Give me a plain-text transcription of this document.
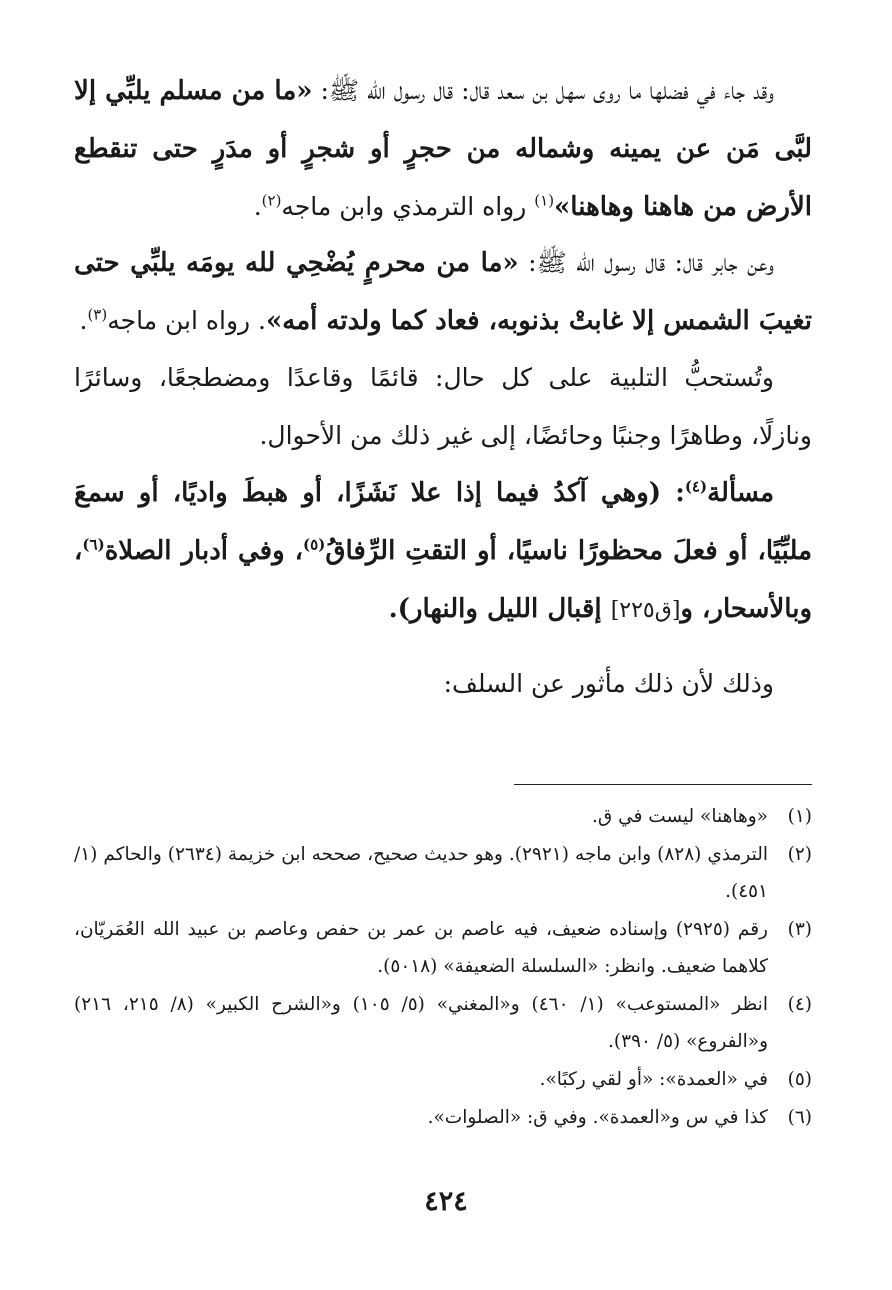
وقد جاء في فضلها ما روى سهل بن سعد قال: قال رسول الله ﷺ: «ما من مسلم يلبِّي إلا لبَّى مَن عن يمينه وشماله من حجرٍ أو شجرٍ أو مدَرٍ حتى تنقطع الأرض من هاهنا وهاهنا»$^{(١)}$ رواه الترمذي وابن ماجه$^{(٢)}$.

وعن جابر قال: قال رسول الله ﷺ: «ما من محرمٍ يُضْحِي لله يومَه يلبِّي حتى تغيبَ الشمس إلا غابتْ بذنوبه، فعاد كما ولدته أمه». رواه ابن ماجه$^{(٣)}$.

وتُستحبُّ التلبية على كل حال: قائمًا وقاعدًا ومضطجعًا، وسائرًا ونازلًا، وطاهرًا وجنبًا وحائضًا، إلى غير ذلك من الأحوال.

مسألة$^{(٤)}$: (وهي آكدُ فيما إذا علا نَشَزًا، أو هبطَ واديًا، أو سمعَ ملبِّيًا، أو فعلَ محظورًا ناسيًا، أو التقتِ الرِّفاقُ$^{(٥)}$، وفي أدبار الصلاة$^{(٦)}$، وبالأسحار، و[ق٢٢٥] إقبال الليل والنهار).

وذلك لأن ذلك مأثور عن السلف:

(١)
«وهاهنا» ليست في ق.
(٢)
الترمذي (٨٢٨) وابن ماجه (٢٩٢١). وهو حديث صحيح، صححه ابن خزيمة (٢٦٣٤) والحاكم (١/ ٤٥١).
(٣)
رقم (٢٩٢٥) وإسناده ضعيف، فيه عاصم بن عمر بن حفص وعاصم بن عبيد الله العُمَريّان، كلاهما ضعيف. وانظر: «السلسلة الضعيفة» (٥٠١٨).
(٤)
انظر «المستوعب» (١/ ٤٦٠) و«المغني» (٥/ ١٠٥) و«الشرح الكبير» (٨/ ٢١٥، ٢١٦) و«الفروع» (٥/ ٣٩٠).
(٥)
في «العمدة»: «أو لقي ركبًا».
(٦)
كذا في س و«العمدة». وفي ق: «الصلوات».
٤٢٤
